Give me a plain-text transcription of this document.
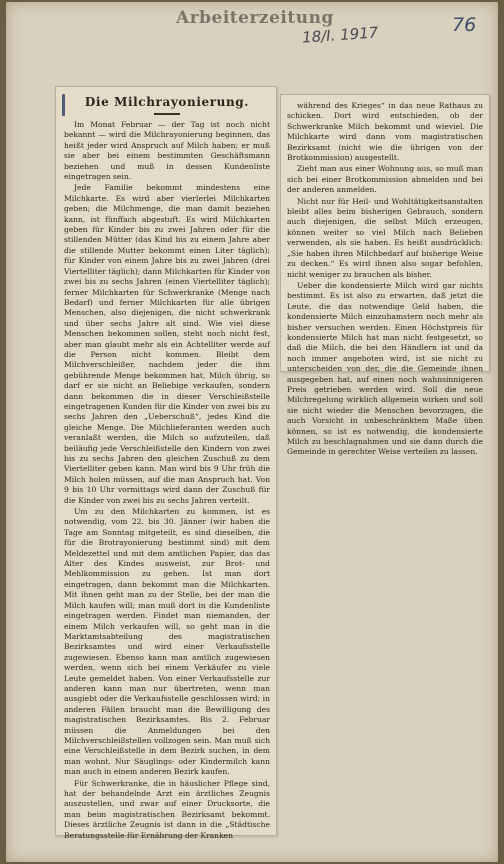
Arbeiterzeitung
18/I. 1917	76
Die Milchrayonierung.

Im Monat Februar — der Tag ist noch nicht bekannt — wird die Milchrayonierung beginnen, das heißt jeder wird Anspruch auf Milch haben; er muß sie aber bei einem bestimmten Geschäftsmann beziehen und muß in dessen Kundenliste eingetragen sein.

Jede Familie bekommt mindestens eine Milchkarte. Es wird aber vierlerlei Milchkarten geben; die Milchmenge, die man damit beziehen kann, ist fünffach abgestuft. Es wird Milchkarten geben für Kinder bis zu zwei Jahren oder für die stillenden Mütter (das Kind bis zu einem Jahre aber die stillende Mutter bekommt einen Liter täglich); für Kinder von einem Jahre bis zu zwei Jahren (drei Viertelliter täglich); dann Milchkarten für Kinder von zwei bis zu sechs Jahren (einen Viertelliter täglich); ferner Milchkarten für Schwerkranke (Menge nach Bedarf) und ferner Milchkarten für alle übrigen Menschen, also diejenigen, die nicht schwerkrank und über sechs Jahre alt sind. Wie viel diese Menschen bekommen sollen, steht noch nicht fest, aber man glaubt mehr als ein Achtelliter werde auf die Person nicht kommen. Bleibt dem Milchverschleißer, nachdem jeder die ihm gebührende Menge bekommen hat, Milch übrig, so darf er sie nicht an Beliebige verkaufen, sondern dann bekommen die in dieser Verschleißstelle eingetragenen Kunden für die Kinder von zwei bis zu sechs Jahren den „Ueberschuß“, jedes Kind die gleiche Menge. Die Milchlieferanten werden auch veranlaßt werden, die Milch so aufzuteilen, daß beiläufig jede Verschleißstelle den Kindern von zwei bis zu sechs Jahren den gleichen Zuschuß zu dem Viertelliter geben kann. Man wird bis 9 Uhr früh die Milch holen müssen, auf die man Anspruch hat. Von 9 bis 10 Uhr vormittags wird dann der Zuschuß für die Kinder von zwei bis zu sechs Jahren verteilt.

Um zu den Milchkarten zu kommen, ist es notwendig, vom 22. bis 30. Jänner (wir haben die Tage am Sonntag mitgeteilt, es sind dieselben, die für die Brotrayonierung bestimmt sind) mit dem Meldezettel und mit dem amtlichen Papier, das das Alter des Kindes ausweist, zur Brot- und Mehlkommission zu gehen. Ist man dort eingetragen, dann bekommt man die Milchkarten. Mit ihnen geht man zu der Stelle, bei der man die Milch kaufen will; man muß dort in die Kundenliste eingetragen werden. Findet man niemanden, der einem Milch verkaufen will, so geht man in die Marktamtsabteilung des magistratischen Bezirksamtes und wird einer Verkaufsstelle zugewiesen. Ebenso kann man amtlich zugewiesen werden, wenn sich bei einem Verkäufer zu viele Leute gemeldet haben. Von einer Verkaufsstelle zur anderen kann man nur übertreten, wenn man ausgiebt oder die Verkaufsstelle geschlossen wird; in anderen Fällen braucht man die Bewilligung des magistratischen Bezirksamtes. Bis 2. Februar müssen die Anmeldungen bei den Milchverschleißstellen vollzogen sein. Man muß sich eine Verschleißstelle in dem Bezirk suchen, in dem man wohnt. Nur Säuglings- oder Kindermilch kann man auch in einem anderen Bezirk kaufen.

Für Schwerkranke, die in häuslicher Pflege sind, hat der behandelnde Arzt ein ärztliches Zeugnis auszustellen, und zwar auf einer Drucksorte, die man beim magistratischen Bezirksamt bekommt. Dieses ärztliche Zeugnis ist dann in die „Städtische Beratungsstelle für Ernährung der Kranken

während des Krieges“ in das neue Rathaus zu schicken. Dort wird entschieden, ob der Schwerkranke Milch bekommt und wieviel. Die Milchkarte wird dann vom magistratischen Bezirksamt (nicht wie die übrigen von der Brotkommission) ausgestellt.

Zieht man aus einer Wohnung aus, so muß man sich bei einer Brotkommission abmelden und bei der anderen anmelden.

Nicht nur für Heil- und Wohltätigkeitsanstalten bleibt alles beim bisherigen Gebrauch, sondern auch diejenigen, die selbst Milch erzeugen, können weiter so viel Milch nach Belieben verwenden, als sie haben. Es heißt ausdrücklich: „Sie haben ihren Milchbedarf auf bisherige Weise zu decken.“ Es wird ihnen also sogar befohlen, nicht weniger zu brauchen als bisher.

Ueber die kondensierte Milch wird gar nichts bestimmt. Es ist also zu erwarten, daß jetzt die Leute, die das notwendige Geld haben, die kondensierte Milch einzuhamstern noch mehr als bisher versuchen werden. Einen Höchstpreis für kondensierte Milch hat man nicht festgesetzt, so daß die Milch, die bei den Händlern ist und da noch immer angeboten wird, ist sie nicht zu unterscheiden von der, die die Gemeinde ihnen ausgegeben hat, auf einen noch wahnsinnigeren Preis getrieben werden wird. Soll die neue Milchregelung wirklich allgemein wirken und soll sie nicht wieder die Menschen bevorzugen, die auch Vorsicht in unbeschränktem Maße üben können, so ist es notwendig, die kondensierte Milch zu beschlagnahmen und sie dann durch die Gemeinde in gerechter Weise verteilen zu lassen.
